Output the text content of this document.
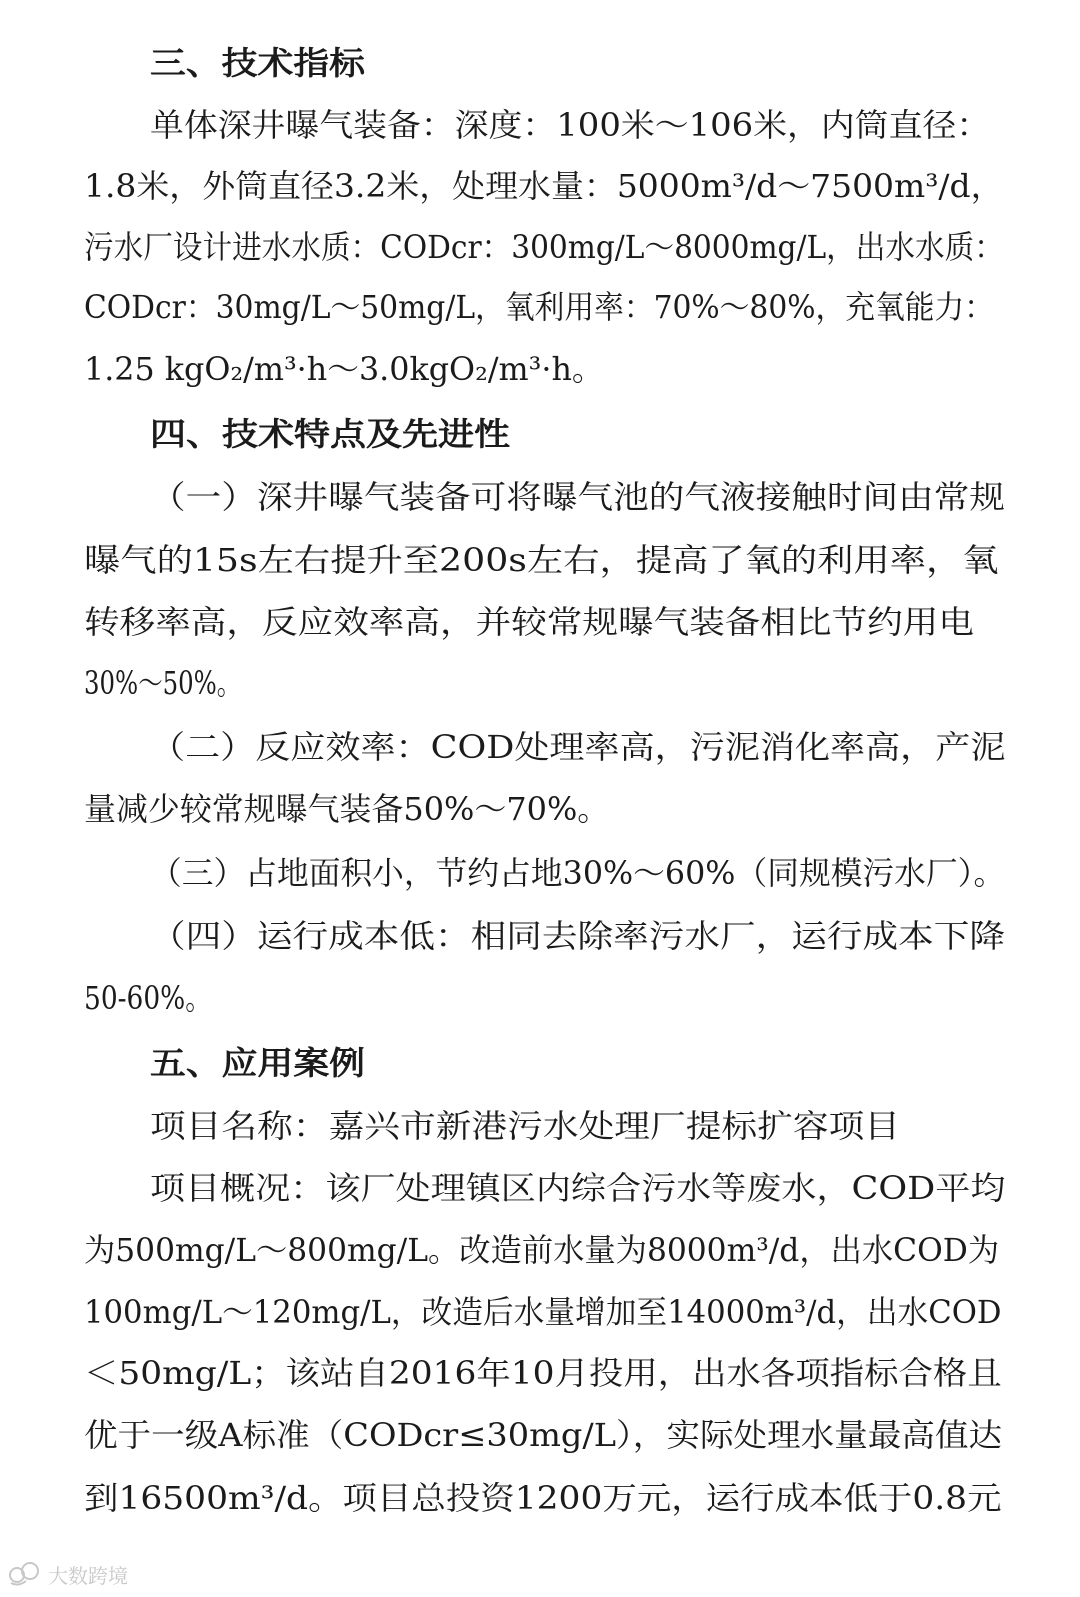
三、技术指标
单体深井曝气装备：深度：100米～106米，内筒直径：
1.8米，外筒直径3.2米，处理水量：5000m³/d～7500m³/d，
污水厂设计进水水质：CODcr：300mg/L～8000mg/L，出水水质：
CODcr：30mg/L～50mg/L，氧利用率：70%～80%，充氧能力：
1.25 kgO₂/m³·h～3.0kgO₂/m³·h。
四、技术特点及先进性
（一）深井曝气装备可将曝气池的气液接触时间由常规
曝气的15s左右提升至200s左右，提高了氧的利用率，氧
转移率高，反应效率高，并较常规曝气装备相比节约用电
30%～50%。
（二）反应效率：COD处理率高，污泥消化率高，产泥
量减少较常规曝气装备50%～70%。
（三）占地面积小，节约占地30%～60%（同规模污水厂）。
（四）运行成本低：相同去除率污水厂，运行成本下降
50-60%。
五、应用案例
项目名称：嘉兴市新港污水处理厂提标扩容项目
项目概况：该厂处理镇区内综合污水等废水，COD平均
为500mg/L～800mg/L。改造前水量为8000m³/d，出水COD为
100mg/L～120mg/L，改造后水量增加至14000m³/d，出水COD
＜50mg/L；该站自2016年10月投用，出水各项指标合格且
优于一级A标准（CODcr≤30mg/L），实际处理水量最高值达
到16500m³/d。项目总投资1200万元，运行成本低于0.8元
大数跨境
